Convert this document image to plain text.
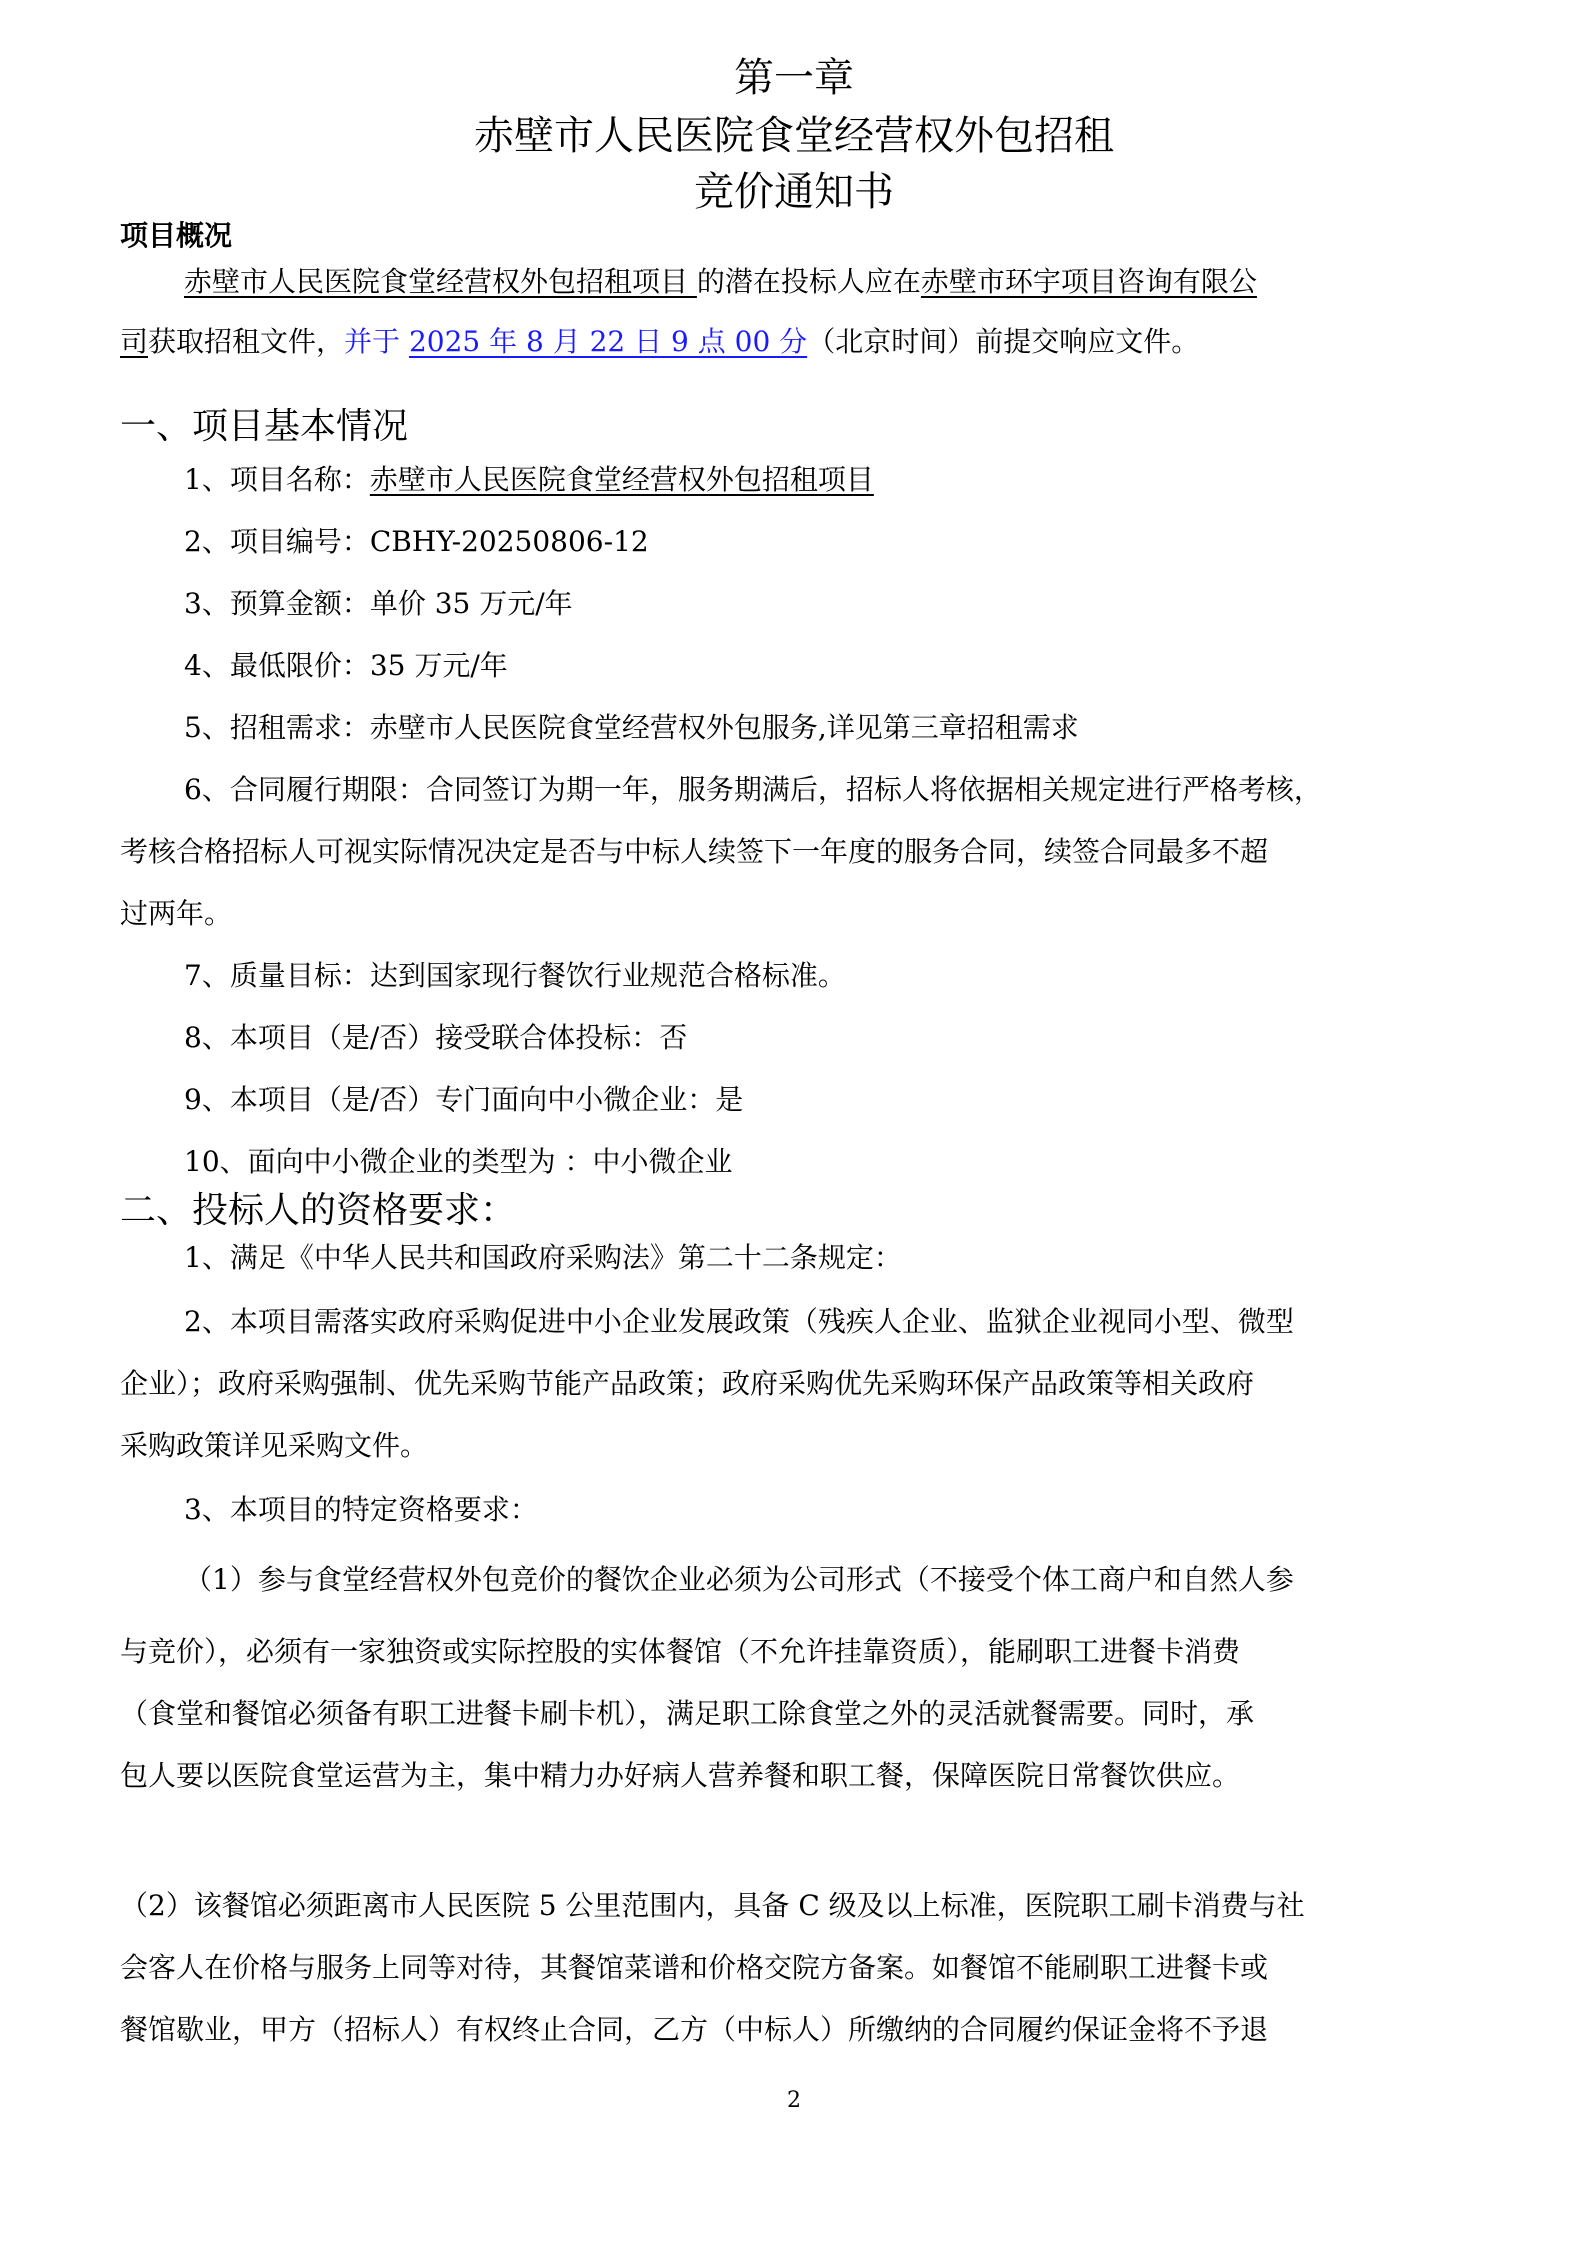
第一章
赤壁市人民医院食堂经营权外包招租
竞价通知书
项目概况
赤壁市人民医院食堂经营权外包招租项目 的潜在投标人应在赤壁市环宇项目咨询有限公
司获取招租文件，并于 2025 年 8 月 22 日 9 点 00 分（北京时间）前提交响应文件。
一、项目基本情况
1、项目名称：赤壁市人民医院食堂经营权外包招租项目
2、项目编号：CBHY-20250806-12
3、预算金额：单价 35 万元/年
4、最低限价：35 万元/年
5、招租需求：赤壁市人民医院食堂经营权外包服务,详见第三章招租需求
6、合同履行期限：合同签订为期一年，服务期满后，招标人将依据相关规定进行严格考核，
考核合格招标人可视实际情况决定是否与中标人续签下一年度的服务合同，续签合同最多不超
过两年。
7、质量目标：达到国家现行餐饮行业规范合格标准。
8、本项目（是/否）接受联合体投标：否
9、本项目（是/否）专门面向中小微企业：是
10、面向中小微企业的类型为 ：中小微企业
二、投标人的资格要求：
1、满足《中华人民共和国政府采购法》第二十二条规定：
2、本项目需落实政府采购促进中小企业发展政策（残疾人企业、监狱企业视同小型、微型
企业）；政府采购强制、优先采购节能产品政策；政府采购优先采购环保产品政策等相关政府
采购政策详见采购文件。
3、本项目的特定资格要求：
（1）参与食堂经营权外包竞价的餐饮企业必须为公司形式（不接受个体工商户和自然人参
与竞价），必须有一家独资或实际控股的实体餐馆（不允许挂靠资质），能刷职工进餐卡消费
（食堂和餐馆必须备有职工进餐卡刷卡机），满足职工除食堂之外的灵活就餐需要。同时，承
包人要以医院食堂运营为主，集中精力办好病人营养餐和职工餐，保障医院日常餐饮供应。
（2）该餐馆必须距离市人民医院 5 公里范围内，具备 C 级及以上标准，医院职工刷卡消费与社
会客人在价格与服务上同等对待，其餐馆菜谱和价格交院方备案。如餐馆不能刷职工进餐卡或
餐馆歇业，甲方（招标人）有权终止合同，乙方（中标人）所缴纳的合同履约保证金将不予退
2
